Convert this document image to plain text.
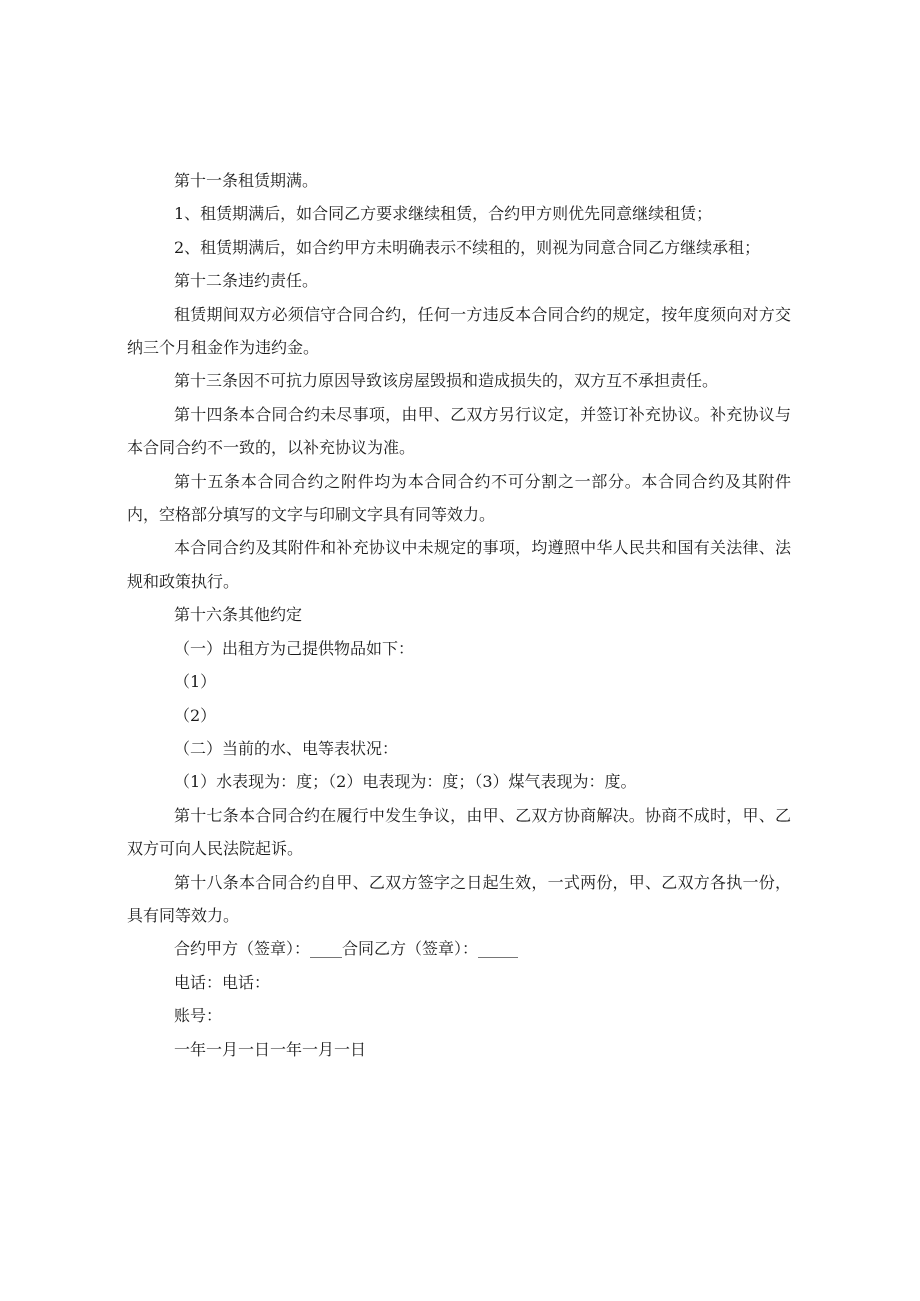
第十一条租赁期满。

1、租赁期满后，如合同乙方要求继续租赁，合约甲方则优先同意继续租赁；

2、租赁期满后，如合约甲方未明确表示不续租的，则视为同意合同乙方继续承租；

第十二条违约责任。

租赁期间双方必须信守合同合约，任何一方违反本合同合约的规定，按年度须向对方交纳三个月租金作为违约金。

第十三条因不可抗力原因导致该房屋毁损和造成损失的，双方互不承担责任。

第十四条本合同合约未尽事项，由甲、乙双方另行议定，并签订补充协议。补充协议与本合同合约不一致的，以补充协议为准。

第十五条本合同合约之附件均为本合同合约不可分割之一部分。本合同合约及其附件内，空格部分填写的文字与印刷文字具有同等效力。

本合同合约及其附件和补充协议中未规定的事项，均遵照中华人民共和国有关法律、法规和政策执行。

第十六条其他约定

（一）出租方为己提供物品如下：

（1）

（2）

（二）当前的水、电等表状况：

（1）水表现为：度；（2）电表现为：度；（3）煤气表现为：度。

第十七条本合同合约在履行中发生争议，由甲、乙双方协商解决。协商不成时，甲、乙双方可向人民法院起诉。

第十八条本合同合约自甲、乙双方签字之日起生效，一式两份，甲、乙双方各执一份，具有同等效力。

合约甲方（签章）：____合同乙方（签章）：_____

电话：电话：

账号：

一年一月一日一年一月一日
